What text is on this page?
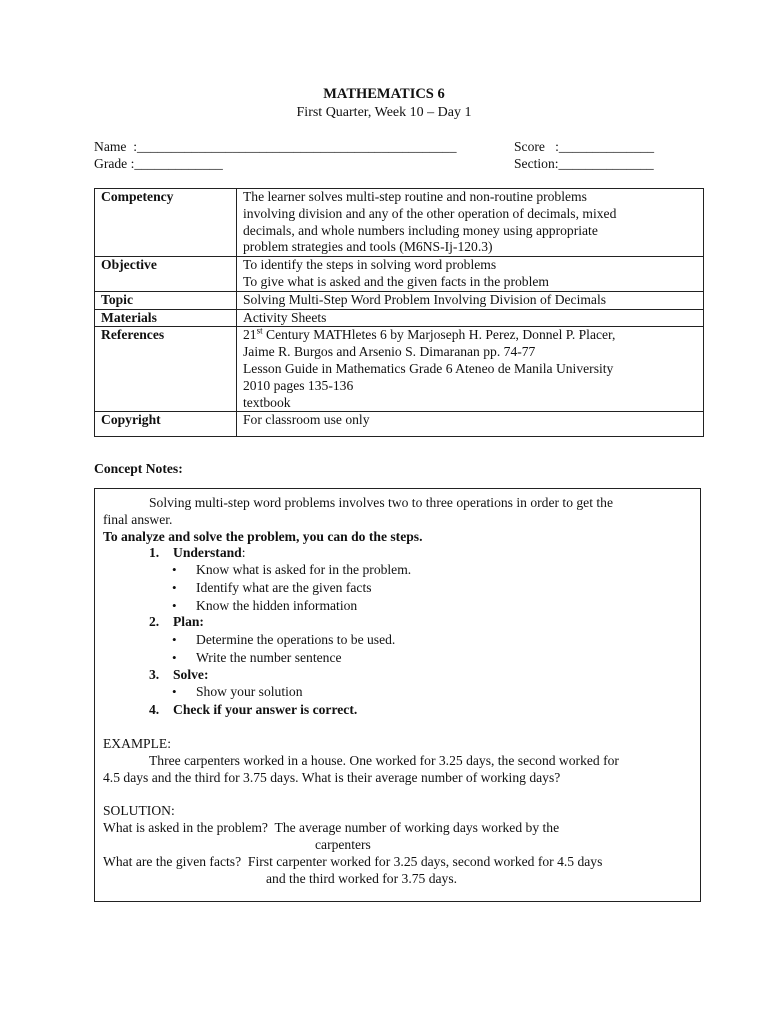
MATHEMATICS 6
First Quarter, Week 10 – Day 1
Name  :_______________________________________________	Score   :______________
Grade :_____________	Section:______________
Competency	The learner solves multi-step routine and non-routine problems
involving division and any of the other operation of decimals, mixed
decimals, and whole numbers including money using appropriate
problem strategies and tools (M6NS-Ij-120.3)

Objective	To identify the steps in solving word problems
To give what is asked and the given facts in the problem

Topic	Solving Multi-Step Word Problem Involving Division of Decimals
Materials	Activity Sheets
References	21st Century MATHletes 6 by Marjoseph H. Perez, Donnel P. Placer,
Jaime R. Burgos and Arsenio S. Dimaranan pp. 74-77
Lesson Guide in Mathematics Grade 6 Ateneo de Manila University
2010 pages 135-136
textbook

Copyright	For classroom use only
Concept Notes:
Solving multi-step word problems involves two to three operations in order to get the
final answer.
To analyze and solve the problem, you can do the steps.
1. Understand:
• Know what is asked for in the problem.
• Identify what are the given facts
• Know the hidden information
2. Plan:
• Determine the operations to be used.
• Write the number sentence
3. Solve:
• Show your solution
4. Check if your answer is correct.
EXAMPLE:
Three carpenters worked in a house. One worked for 3.25 days, the second worked for
4.5 days and the third for 3.75 days. What is their average number of working days?
SOLUTION:
What is asked in the problem?  The average number of working days worked by the
carpenters
What are the given facts?  First carpenter worked for 3.25 days, second worked for 4.5 days
and the third worked for 3.75 days.
